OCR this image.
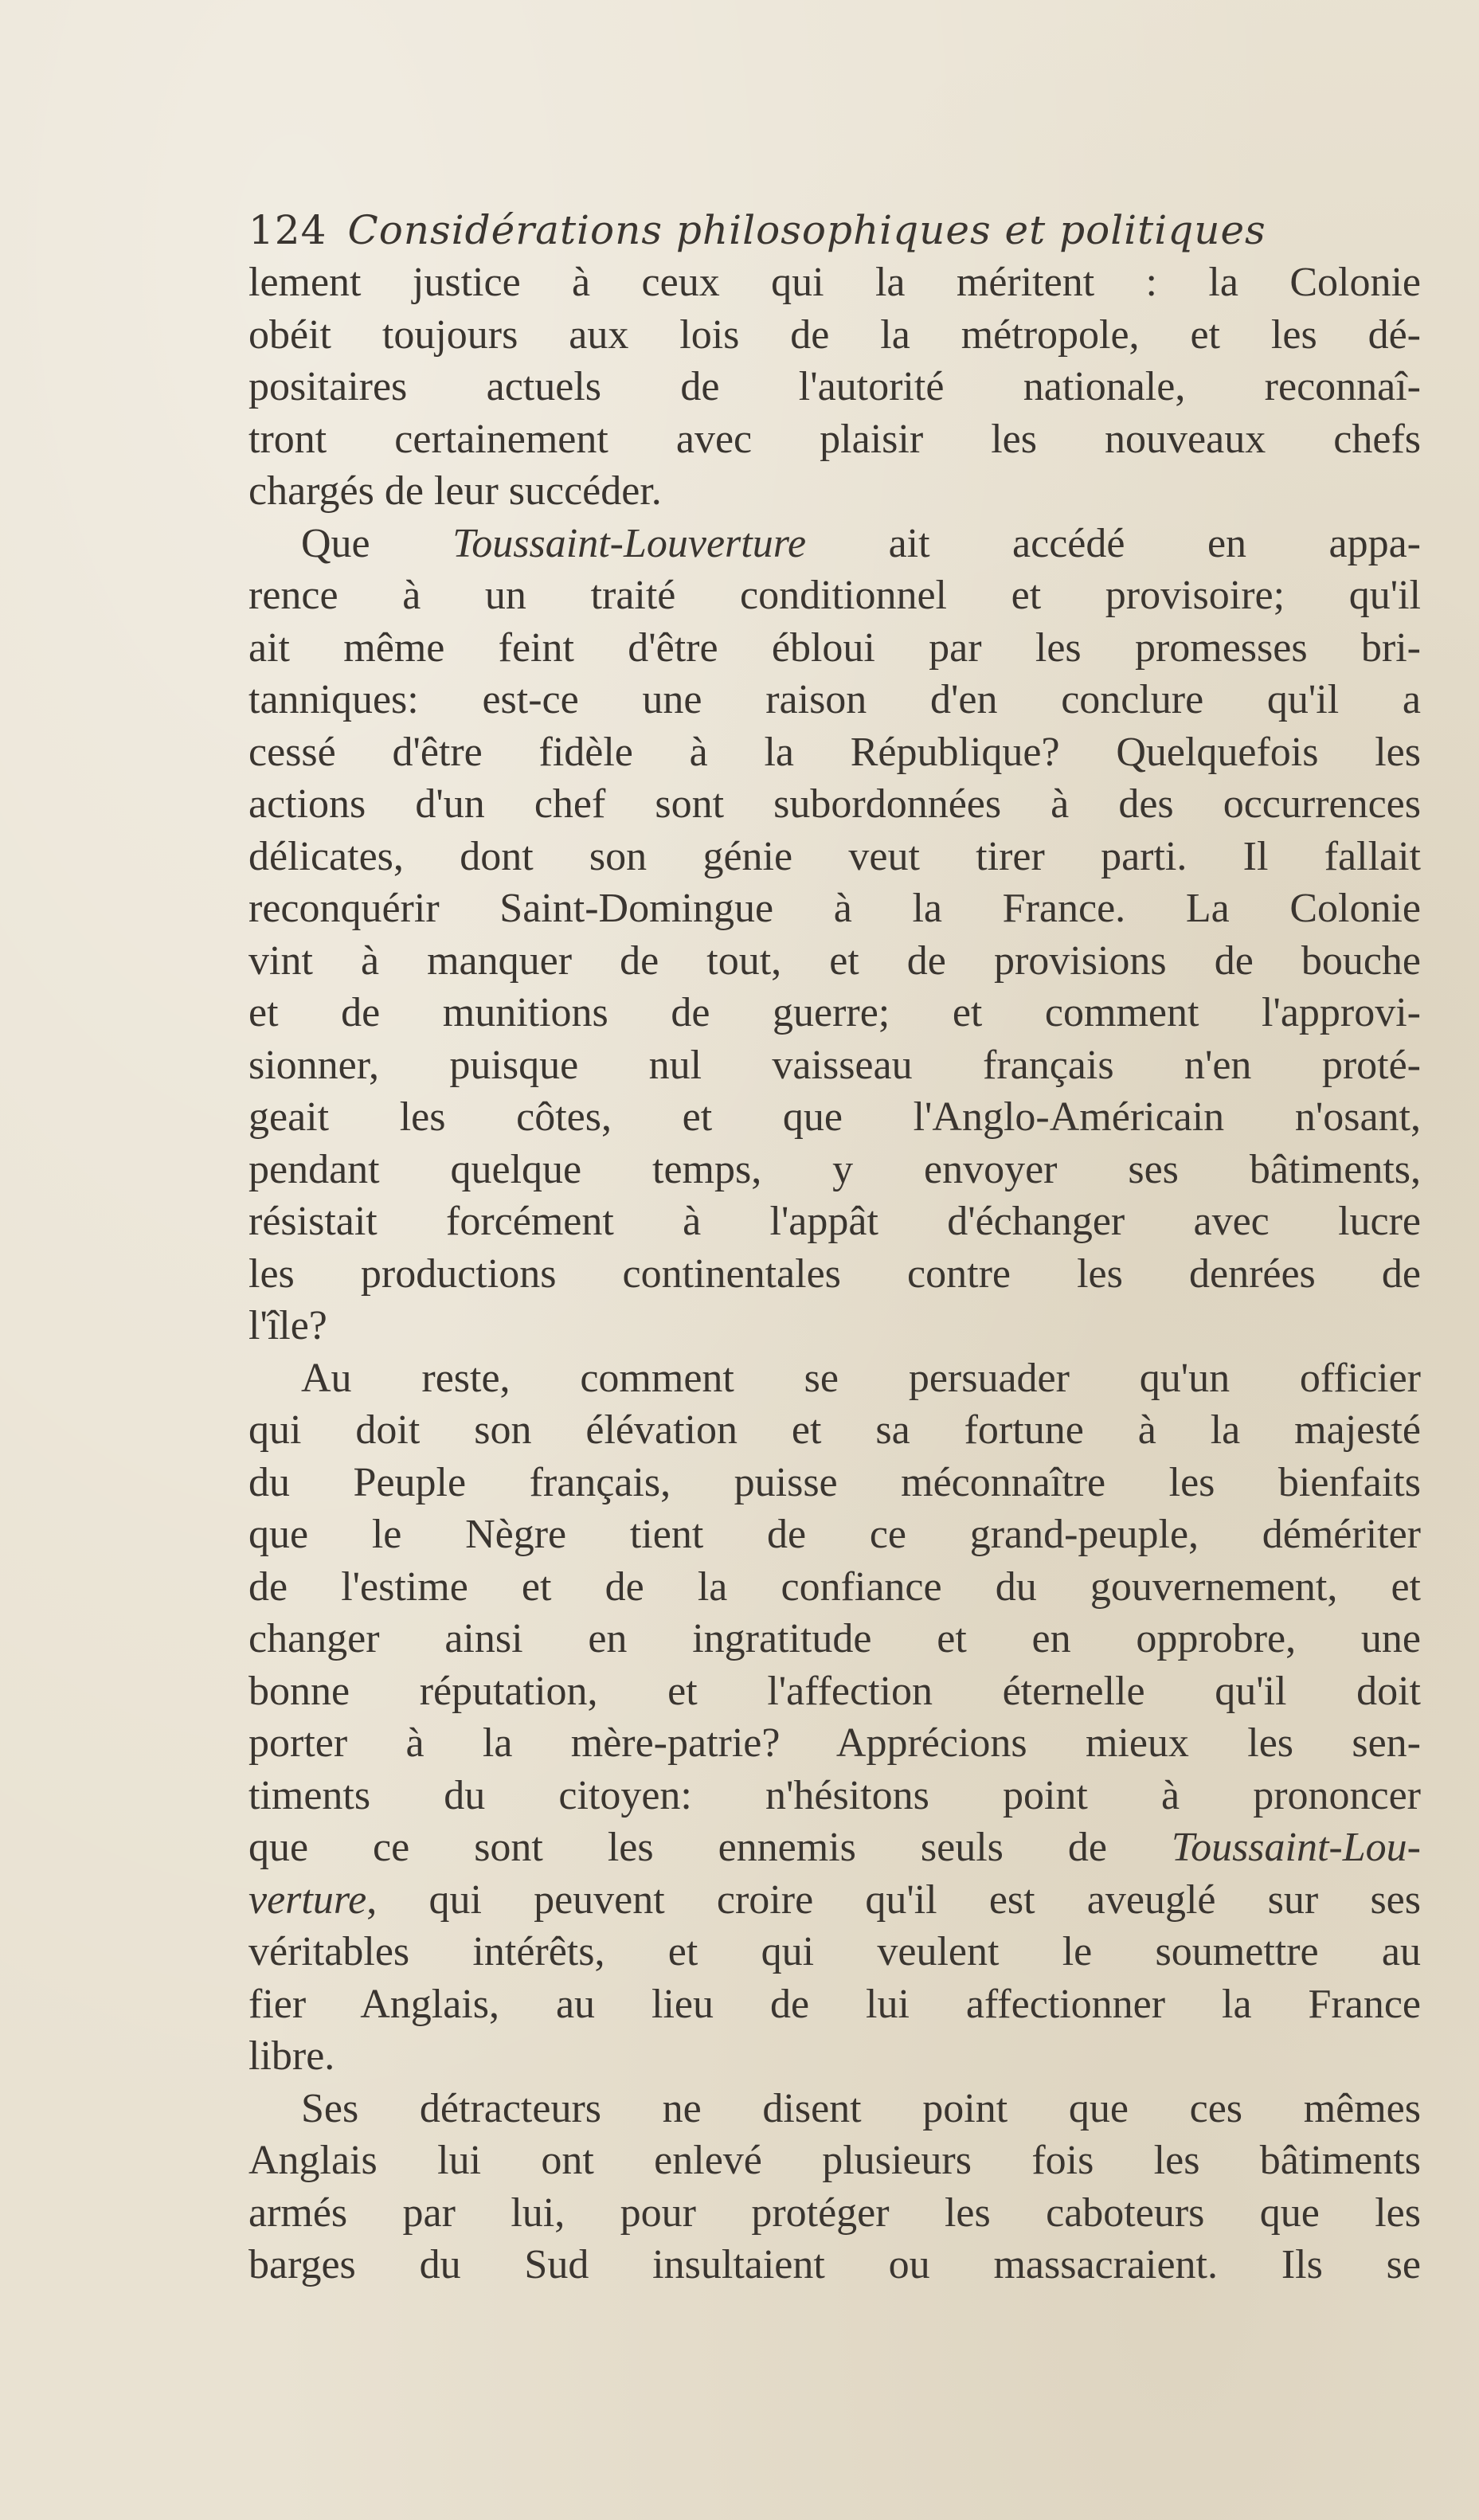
124 Considérations philosophiques et politiques

lement justice à ceux qui la méritent : la Colonie
obéit toujours aux lois de la métropole, et les dé-
positaires actuels de l'autorité nationale, reconnaî-
tront certainement avec plaisir les nouveaux chefs
chargés de leur succéder.

Que Toussaint-Louverture ait accédé en appa-
rence à un traité conditionnel et provisoire; qu'il
ait même feint d'être ébloui par les promesses bri-
tanniques: est-ce une raison d'en conclure qu'il a
cessé d'être fidèle à la République? Quelquefois les
actions d'un chef sont subordonnées à des occurrences
délicates, dont son génie veut tirer parti. Il fallait
reconquérir Saint-Domingue à la France. La Colonie
vint à manquer de tout, et de provisions de bouche
et de munitions de guerre; et comment l'approvi-
sionner, puisque nul vaisseau français n'en proté-
geait les côtes, et que l'Anglo-Américain n'osant,
pendant quelque temps, y envoyer ses bâtiments,
résistait forcément à l'appât d'échanger avec lucre
les productions continentales contre les denrées de
l'île?

Au reste, comment se persuader qu'un officier
qui doit son élévation et sa fortune à la majesté
du Peuple français, puisse méconnaître les bienfaits
que le Nègre tient de ce grand-peuple, démériter
de l'estime et de la confiance du gouvernement, et
changer ainsi en ingratitude et en opprobre, une
bonne réputation, et l'affection éternelle qu'il doit
porter à la mère-patrie? Apprécions mieux les sen-
timents du citoyen: n'hésitons point à prononcer
que ce sont les ennemis seuls de Toussaint-Lou-
verture, qui peuvent croire qu'il est aveuglé sur ses
véritables intérêts, et qui veulent le soumettre au
fier Anglais, au lieu de lui affectionner la France
libre.

Ses détracteurs ne disent point que ces mêmes
Anglais lui ont enlevé plusieurs fois les bâtiments
armés par lui, pour protéger les caboteurs que les
barges du Sud insultaient ou massacraient. Ils se
